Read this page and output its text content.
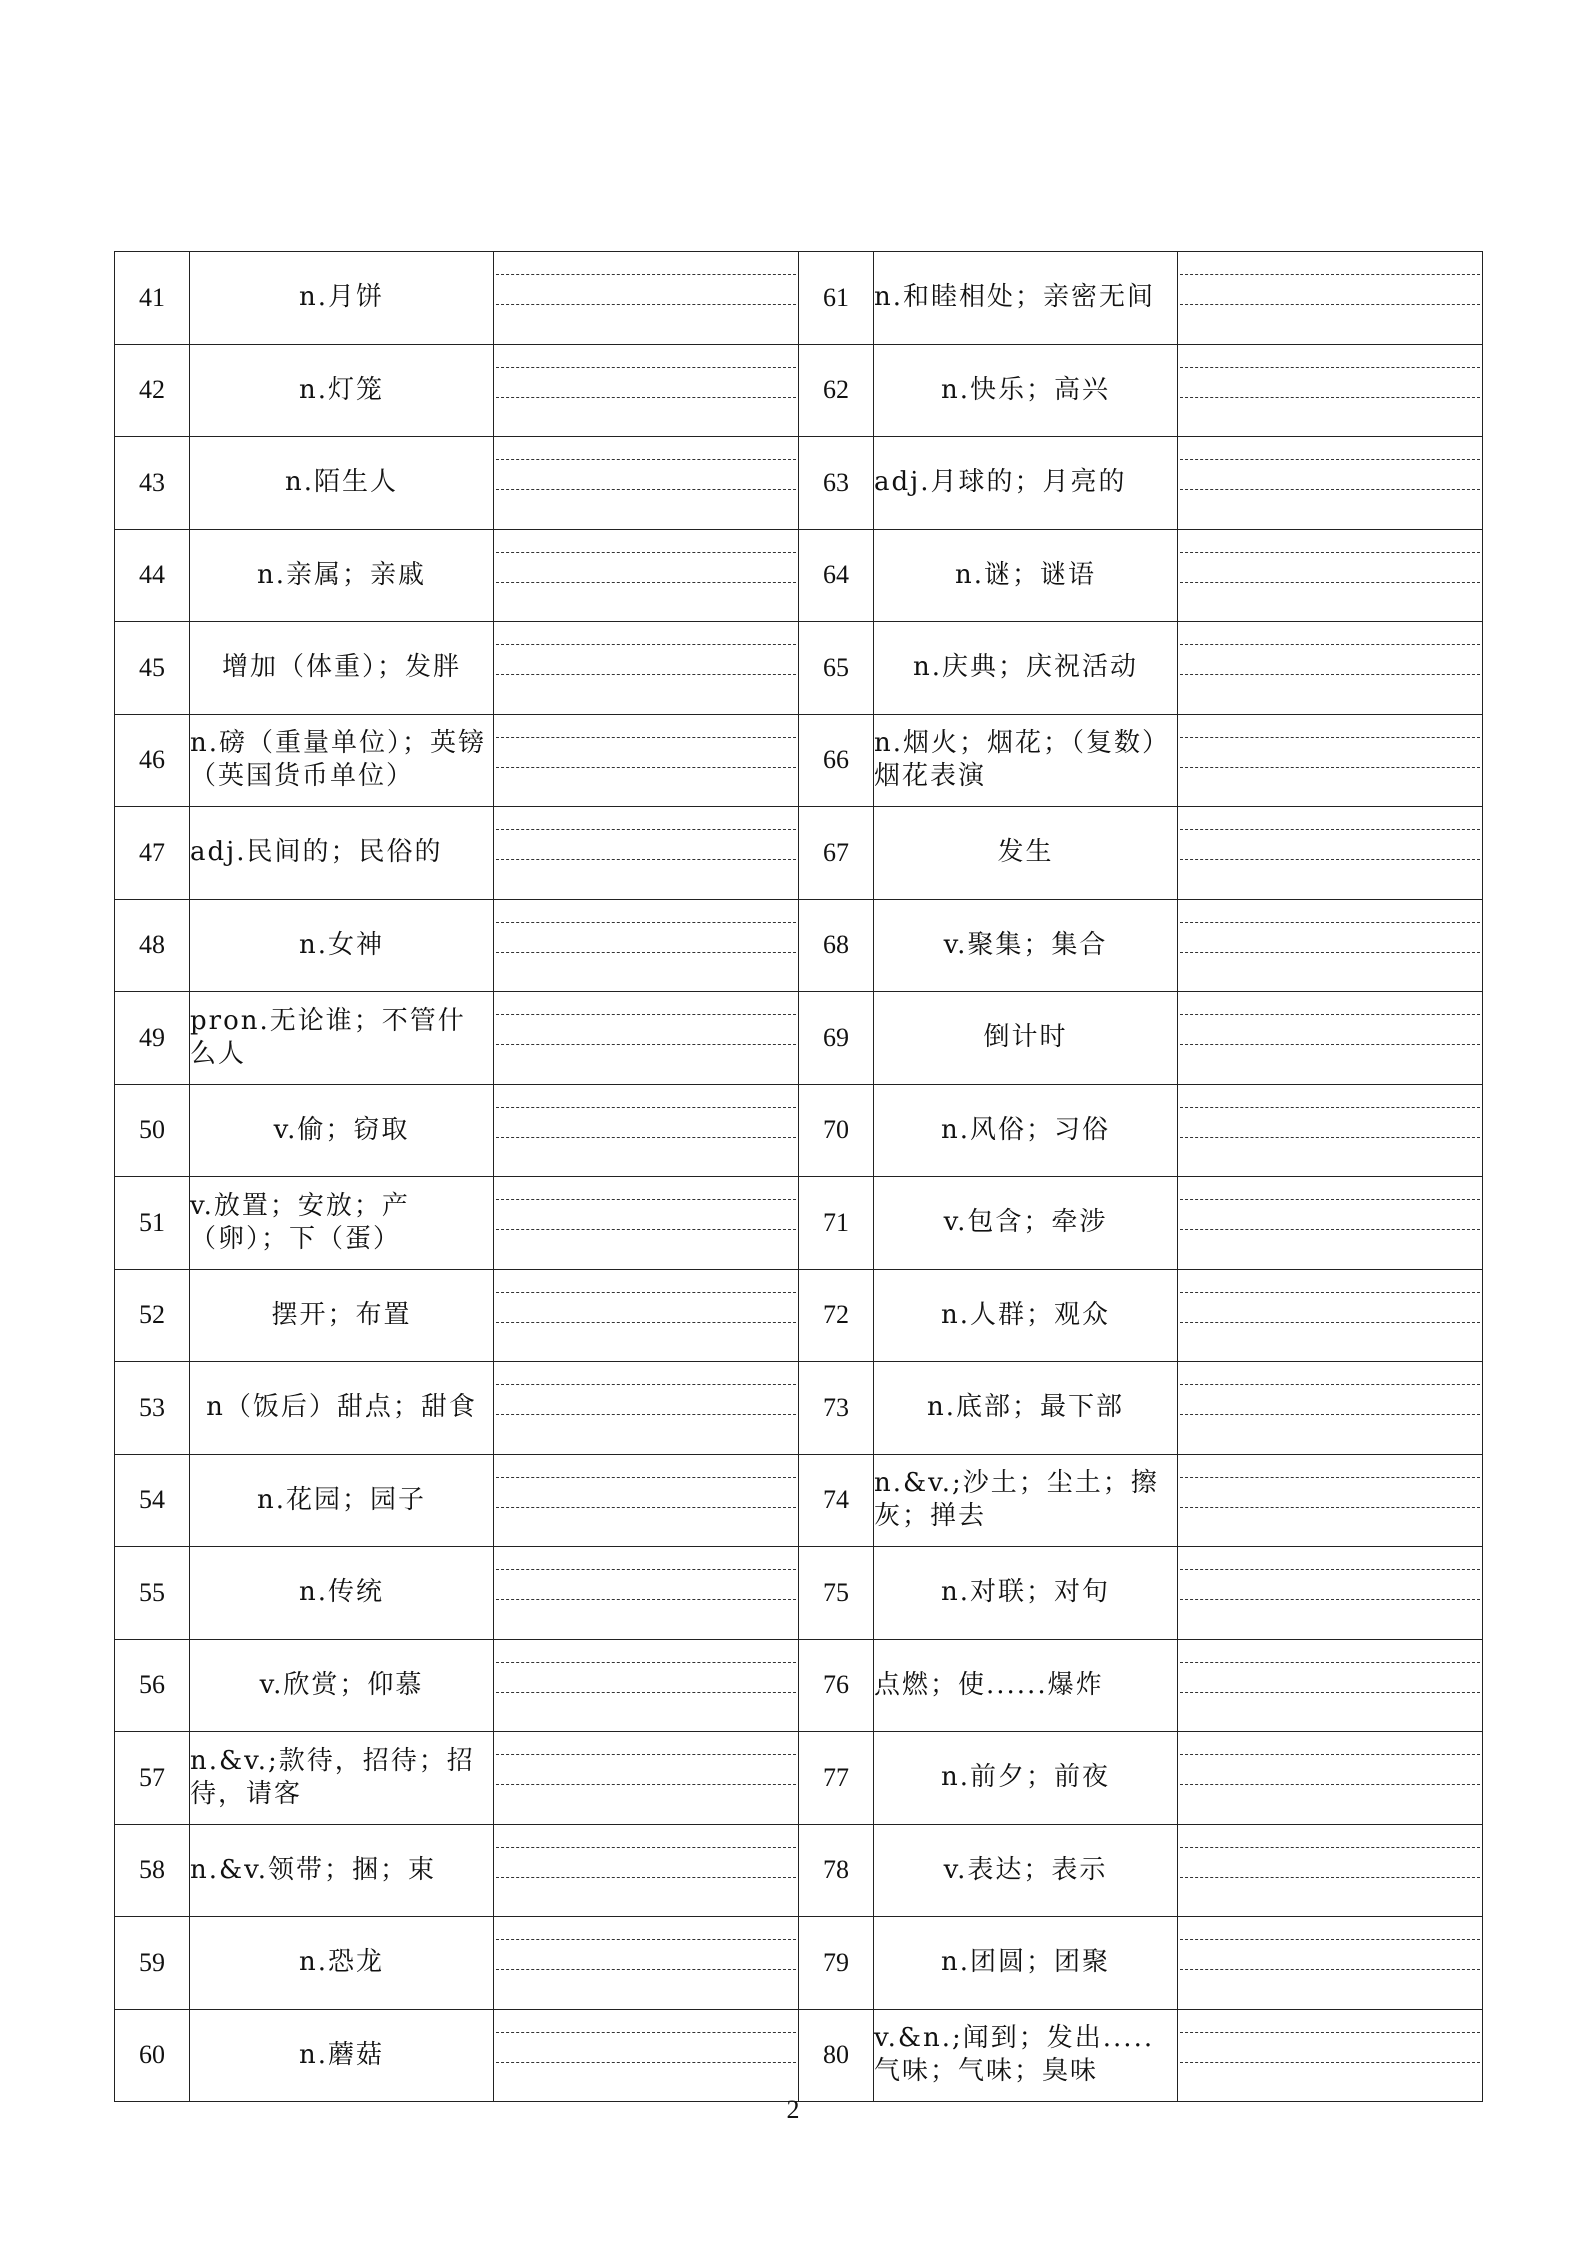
41	n.月饼		61	n.和睦相处；亲密无间	

42	n.灯笼		62	n.快乐；高兴	

43	n.陌生人		63	adj.月球的；月亮的	

44	n.亲属；亲戚		64	n.谜；谜语	

45	增加（体重）；发胖		65	n.庆典；庆祝活动	

46	n.磅（重量单位）；英镑（英国货币单位）		66	n.烟火；烟花；（复数）烟花表演	

47	adj.民间的；民俗的		67	发生	

48	n.女神		68	v.聚集；集合	

49	pron.无论谁；不管什么人		69	倒计时	

50	v.偷；窃取		70	n.风俗；习俗	

51	v.放置；安放；产（卵）；下（蛋）		71	v.包含；牵涉	

52	摆开；布置		72	n.人群；观众	

53	n（饭后）甜点；甜食		73	n.底部；最下部	

54	n.花园；园子		74	n.&v.;沙土；尘土；擦灰；掸去	

55	n.传统		75	n.对联；对句	

56	v.欣赏；仰慕		76	点燃；使......爆炸	

57	n.&v.;款待，招待；招待，请客		77	n.前夕；前夜	

58	n.&v.领带；捆；束		78	v.表达；表示	

59	n.恐龙		79	n.团圆；团聚	

60	n.蘑菇		80	v.&n.;闻到；发出.....气味；气味；臭味	
2
